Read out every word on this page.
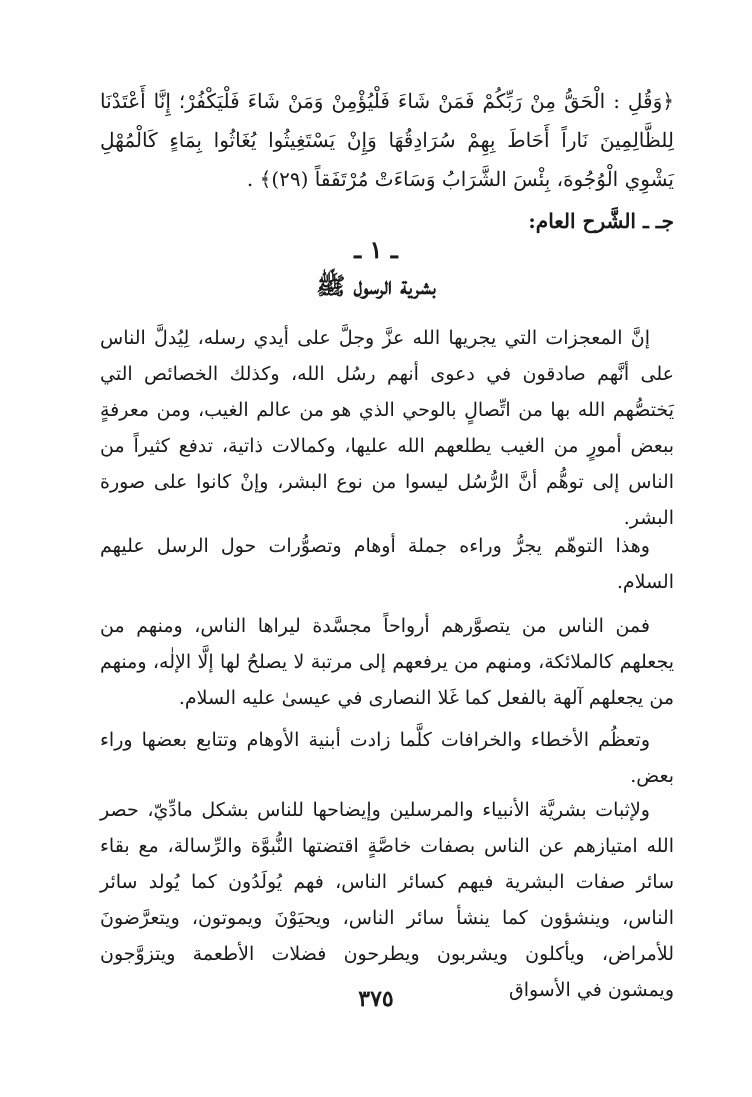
﴿وَقُلِ : الْحَقُّ مِنْ رَبِّكُمْ فَمَنْ شَاءَ فَلْيُؤْمِنْ وَمَنْ شَاءَ فَلْيَكْفُرْ؛ إِنَّا أَعْتَدْنَا لِلظَّالِمِينَ نَاراً أَحَاطَ بِهِمْ سُرَادِقُهَا وَإِنْ يَسْتَغِيثُوا يُغَاثُوا بِمَاءٍ كَالْمُهْلِ يَشْوِي الْوُجُوهَ، بِئْسَ الشَّرَابُ وَسَاءَتْ مُرْتَفَقاً (٢٩)﴾ .
جـ ـ الشَّرح العام:
ـ ١ ـ
بشرية الرسول ﷺ
إنَّ المعجزات التي يجريها الله عزَّ وجلَّ على أيدي رسله، لِيُدلَّ الناس على أنَّهم صادقون في دعوى أنهم رسُل الله، وكذلك الخصائص التي يَختصُّهم الله بها من اتِّصالٍ بالوحي الذي هو من عالم الغيب، ومن معرفةٍ ببعض أمورٍ من الغيب يطلعهم الله عليها، وكمالات ذاتية، تدفع كثيراً من الناس إلى توهُّم أنَّ الرُّسُل ليسوا من نوع البشر، وإنْ كانوا على صورة البشر.
وهذا التوهّم يجرُّ وراءه جملة أوهام وتصوُّرات حول الرسل عليهم السلام.
فمن الناس من يتصوَّرهم أرواحاً مجسَّدة ليراها الناس، ومنهم من يجعلهم كالملائكة، ومنهم من يرفعهم إلى مرتبة لا يصلحُ لها إلَّا الإلٰه، ومنهم من يجعلهم آلهة بالفعل كما غَلا النصارى في عيسىٰ عليه السلام.
وتعظُم الأخطاء والخرافات كلَّما زادت أبنية الأوهام وتتابع بعضها وراء بعض.
ولإثبات بشريَّة الأنبياء والمرسلين وإيضاحها للناس بشكل مادِّيّ، حصر الله امتيازهم عن الناس بصفات خاصَّةٍ اقتضتها النُّبوَّة والرِّسالة، مع بقاء سائر صفات البشرية فيهم كسائر الناس، فهم يُولَدُون كما يُولد سائر الناس، وينشؤون كما ينشأ سائر الناس، ويحيَوْنَ ويموتون، ويتعرَّضونَ للأمراض، ويأكلون ويشربون ويطرحون فضلات الأطعمة ويتزوَّجون ويمشون في الأسواق
٣٧٥
